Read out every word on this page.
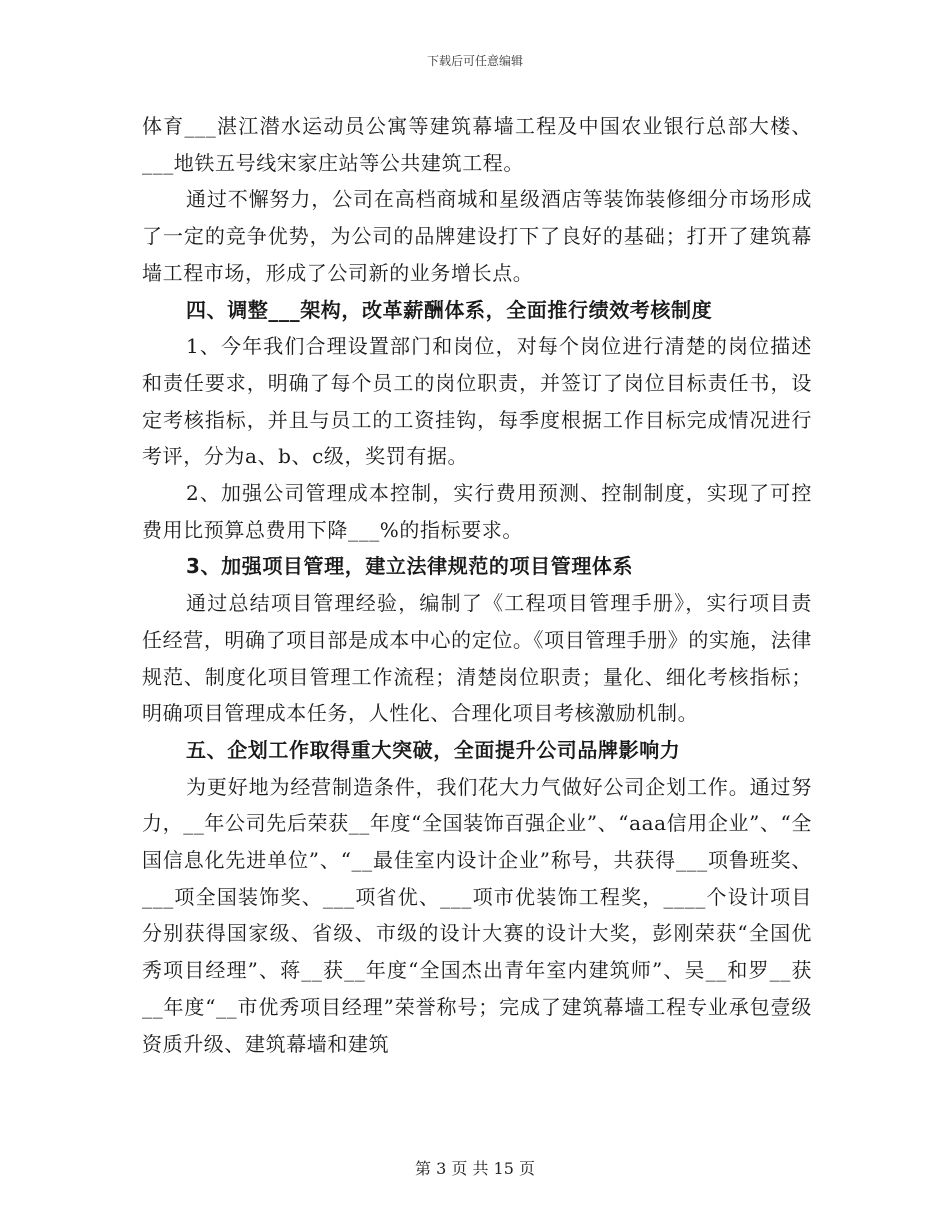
下载后可任意编辑

体育___湛江潜水运动员公寓等建筑幕墙工程及中国农业银行总部大楼、___地铁五号线宋家庄站等公共建筑工程。

通过不懈努力，公司在高档商城和星级酒店等装饰装修细分市场形成了一定的竞争优势，为公司的品牌建设打下了良好的基础；打开了建筑幕墙工程市场，形成了公司新的业务增长点。

四、调整___架构，改革薪酬体系，全面推行绩效考核制度

1、今年我们合理设置部门和岗位，对每个岗位进行清楚的岗位描述和责任要求，明确了每个员工的岗位职责，并签订了岗位目标责任书，设定考核指标，并且与员工的工资挂钩，每季度根据工作目标完成情况进行考评，分为a、b、c级，奖罚有据。

2、加强公司管理成本控制，实行费用预测、控制制度，实现了可控费用比预算总费用下降___%的指标要求。

3、加强项目管理，建立法律规范的项目管理体系

通过总结项目管理经验，编制了《工程项目管理手册》，实行项目责任经营，明确了项目部是成本中心的定位。《项目管理手册》的实施，法律规范、制度化项目管理工作流程；清楚岗位职责；量化、细化考核指标；明确项目管理成本任务，人性化、合理化项目考核激励机制。

五、企划工作取得重大突破，全面提升公司品牌影响力

为更好地为经营制造条件，我们花大力气做好公司企划工作。通过努力，__年公司先后荣获__年度“全国装饰百强企业”、“aaa信用企业”、“全国信息化先进单位”、“__最佳室内设计企业”称号，共获得___项鲁班奖、___项全国装饰奖、___项省优、___项市优装饰工程奖，____个设计项目分别获得国家级、省级、市级的设计大赛的设计大奖，彭刚荣获“全国优秀项目经理”、蒋__获__年度“全国杰出青年室内建筑师”、吴__和罗__获__年度“__市优秀项目经理”荣誉称号；完成了建筑幕墙工程专业承包壹级资质升级、建筑幕墙和建筑

第 3 页 共 15 页
